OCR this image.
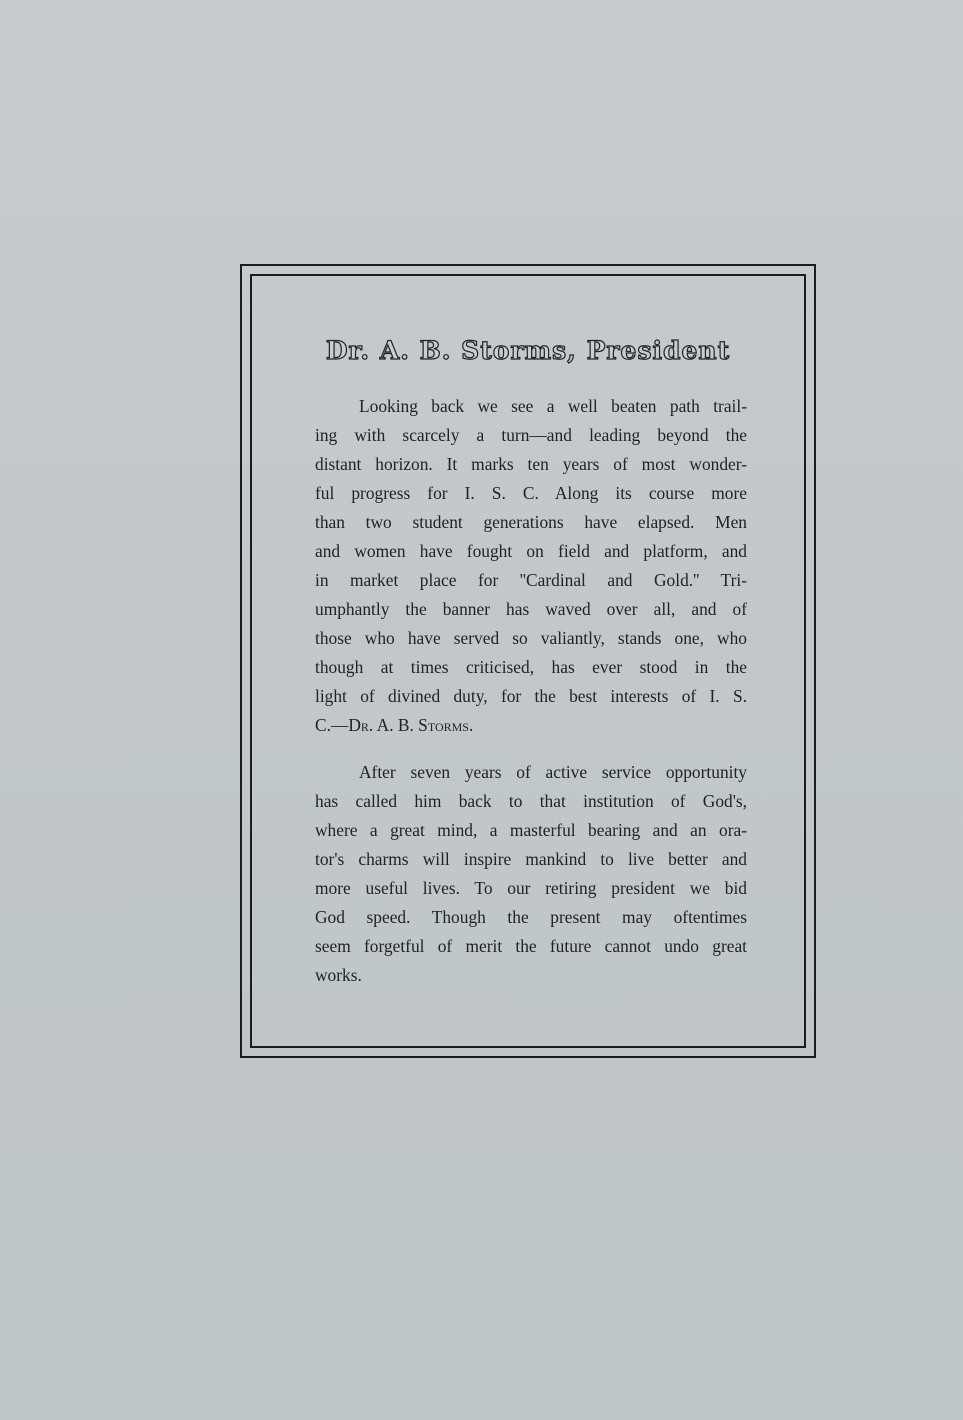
Dr. A. B. Storms, President
Looking back we see a well beaten path trail-
ing with scarcely a turn—and leading beyond the
distant horizon. It marks ten years of most wonder-
ful progress for I. S. C. Along its course more
than two student generations have elapsed. Men
and women have fought on field and platform, and
in market place for ''Cardinal and Gold.'' Tri-
umphantly the banner has waved over all, and of
those who have served so valiantly, stands one, who
though at times criticised, has ever stood in the
light of divined duty, for the best interests of I. S.
C.—Dr. A. B. Storms.
After seven years of active service opportunity
has called him back to that institution of God's,
where a great mind, a masterful bearing and an ora-
tor's charms will inspire mankind to live better and
more useful lives. To our retiring president we bid
God speed. Though the present may oftentimes
seem forgetful of merit the future cannot undo great
works.
